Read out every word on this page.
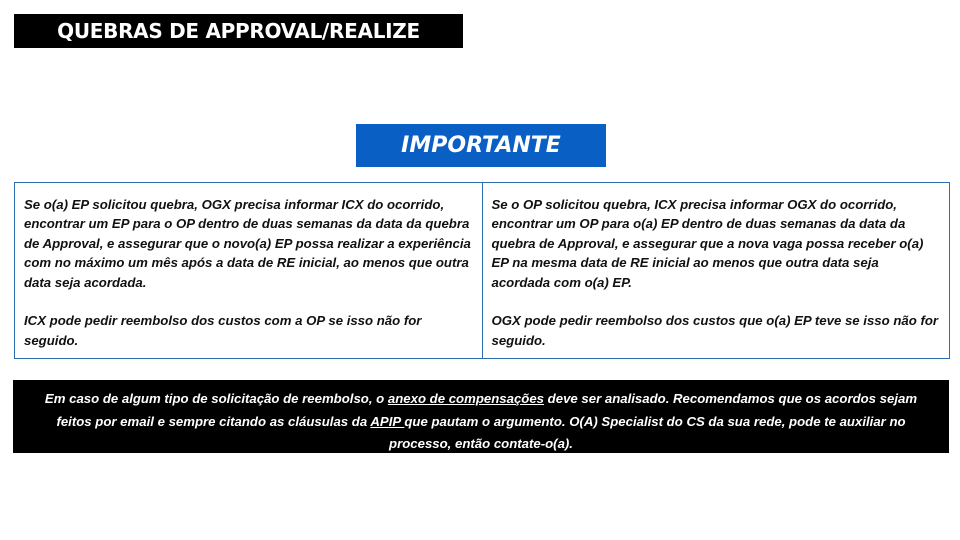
QUEBRAS DE APPROVAL/REALIZE
IMPORTANTE

Se o(a) EP solicitou quebra, OGX precisa informar ICX do ocorrido, encontrar um EP para o OP dentro de duas semanas da data da quebra de Approval, e assegurar que o novo(a) EP possa realizar a experiência com no máximo um mês após a data de RE inicial, ao menos que outra data seja acordada.

ICX pode pedir reembolso dos custos com a OP se isso não for seguido.

Se o OP solicitou quebra, ICX precisa informar OGX do ocorrido, encontrar um OP para o(a) EP dentro de duas semanas da data da quebra de Approval, e assegurar que a nova vaga possa receber o(a) EP na mesma data de RE inicial ao menos que outra data seja acordada com o(a) EP.

OGX pode pedir reembolso dos custos que o(a) EP teve se isso não for seguido.

Em caso de algum tipo de solicitação de reembolso, o anexo de compensações deve ser analisado. Recomendamos que os acordos sejam feitos por email e sempre citando as cláusulas da APIP que pautam o argumento. O(A) Specialist do CS da sua rede, pode te auxiliar no processo, então contate-o(a).
